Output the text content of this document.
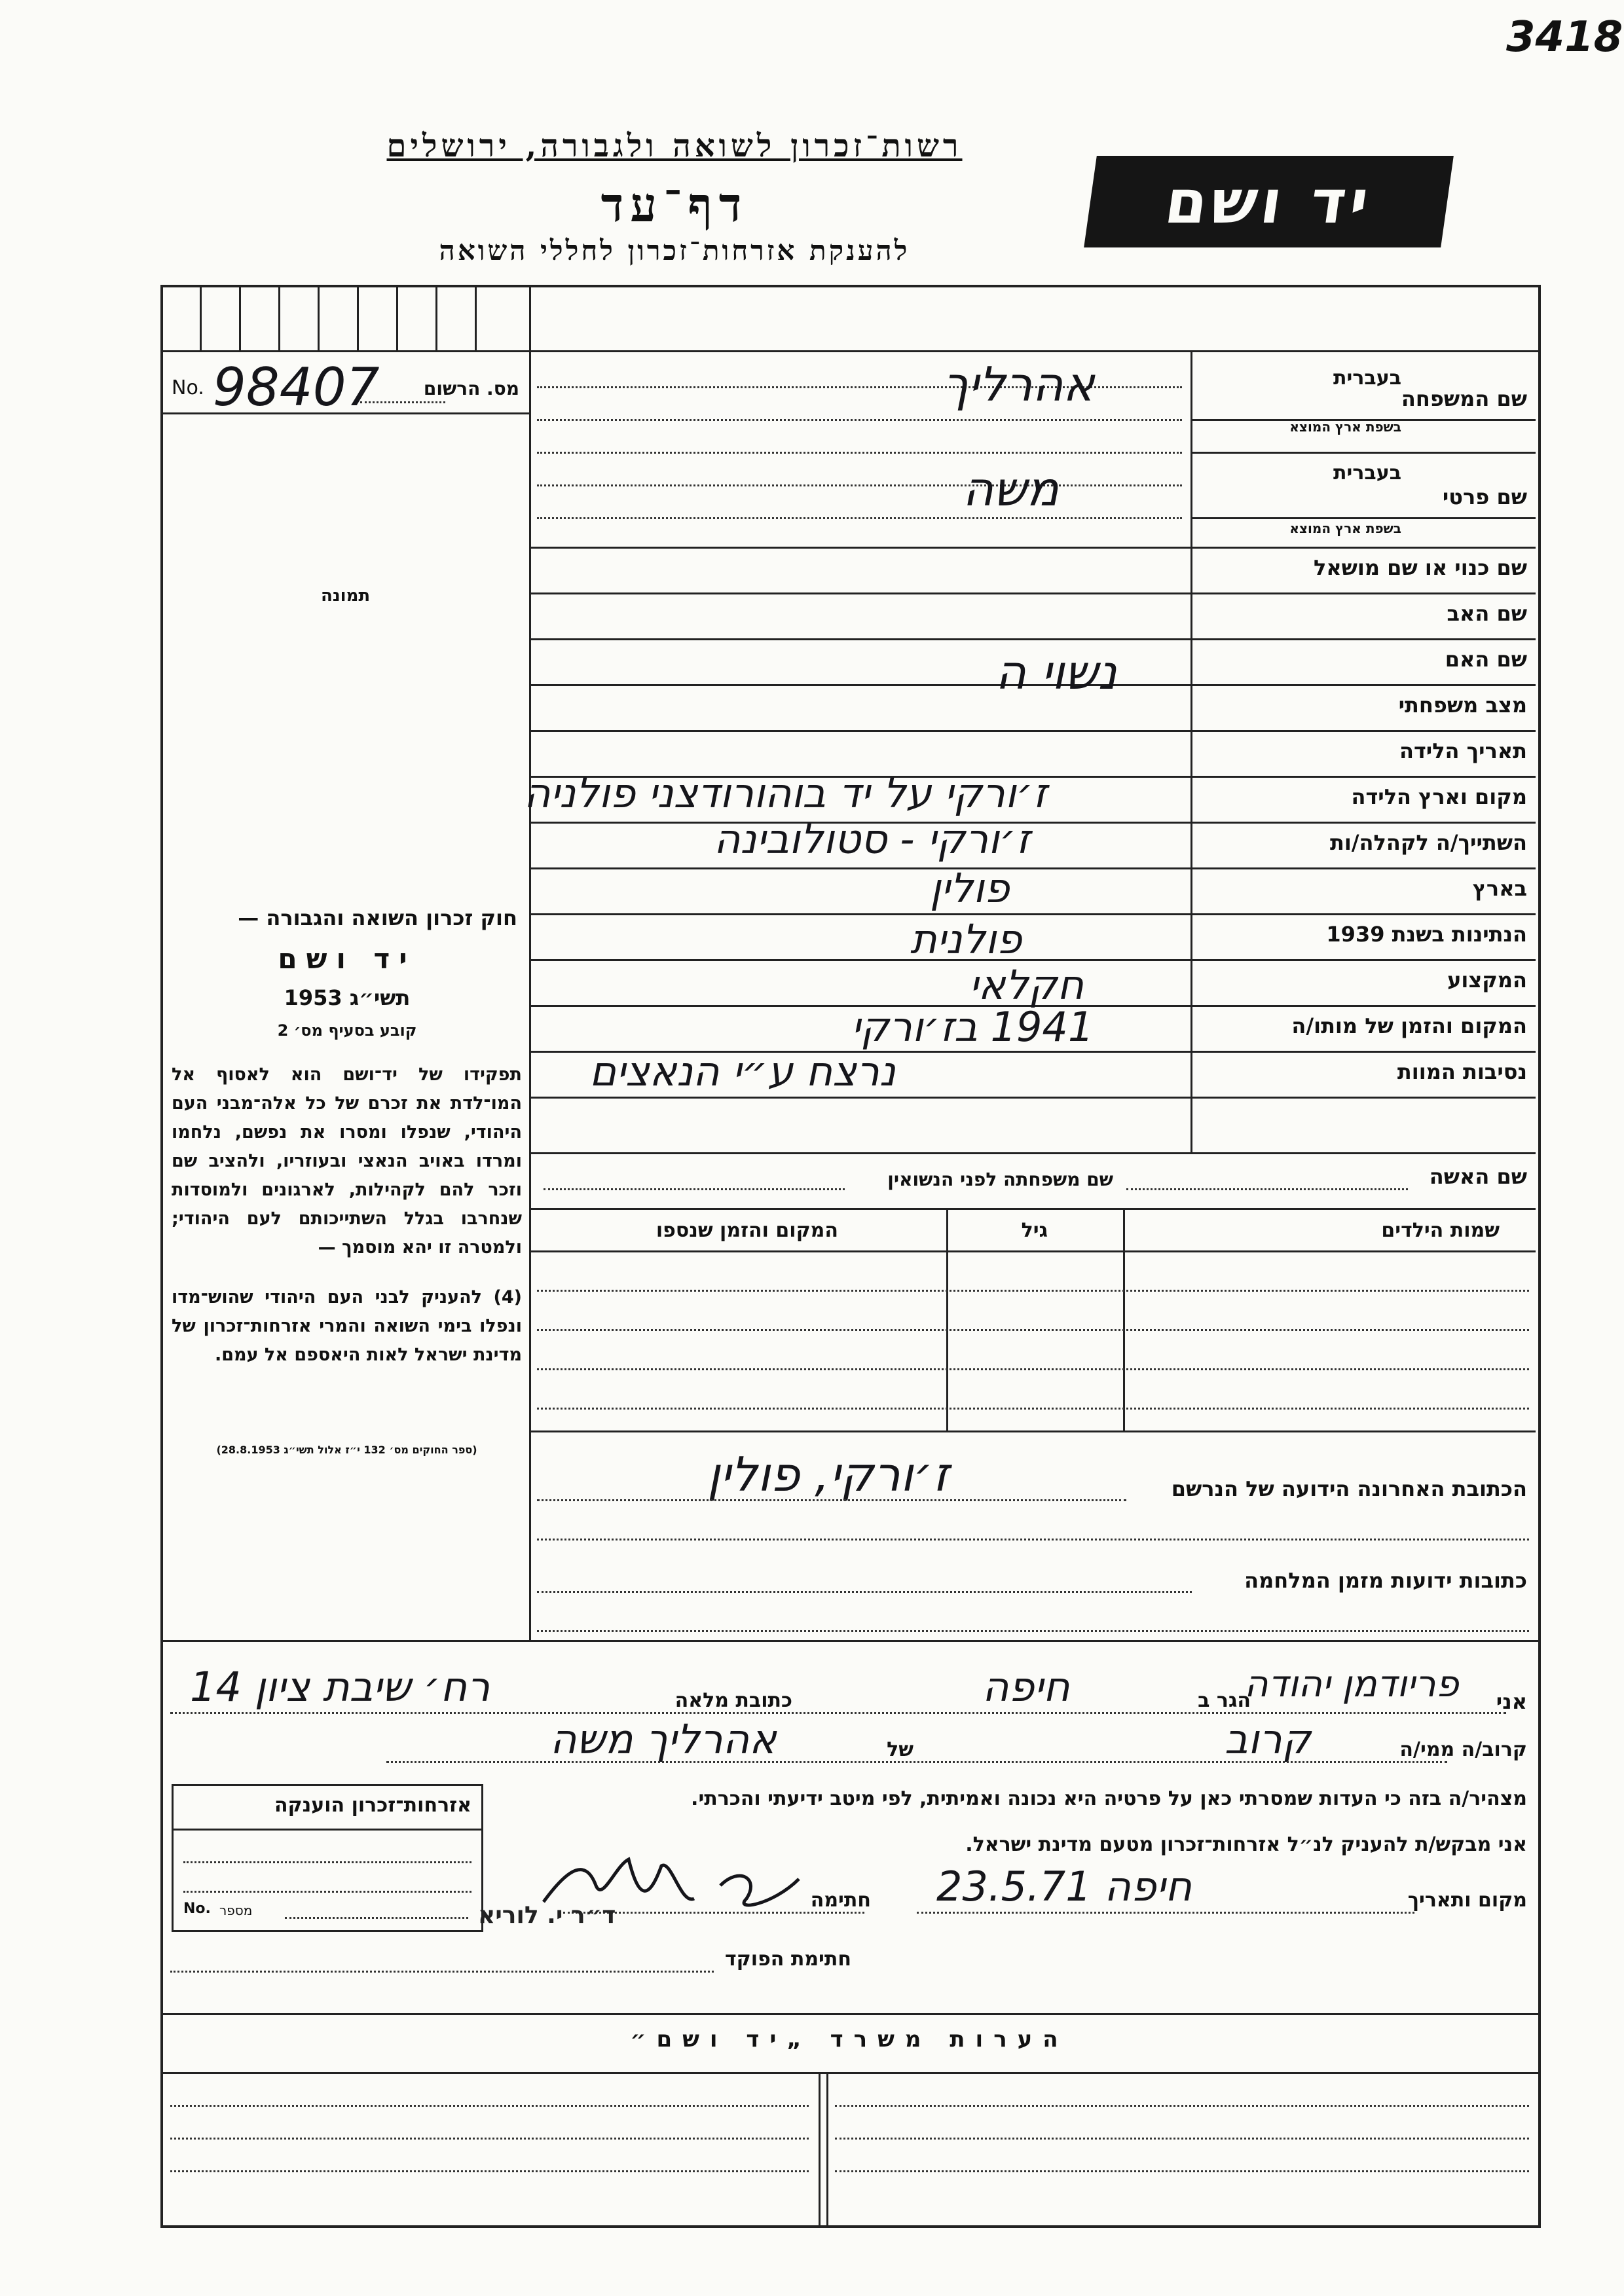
3418
רשות־זכרון לשואה ולגבורה, ירושלים
דף־עד
להענקת אזרחות־זכרון לחללי השואה
יד ושם
No. 98407 מס. הרשום
תמונה
חוק זכרון השואה והגבורה —
יד ושם
תשי״ג 1953
קובע בסעיף מס׳ 2
תפקידו של יד־ושם הוא לאסוף אל המו־לדת את זכרם של כל אלה־מבני העם היהודי, שנפלו ומסרו את נפשם, נלחמו ומרדו באויב הנאצי ובעוזריו, ולהציב שם וזכר להם לקהילות, לארגונים ולמוסדות שנחרבו בגלל השתייכותם לעם היהודי; ולמטרה זו יהא מוסמך —
(4) להעניק לבני העם היהודי שהוש־מדו ונפלו בימי השואה והמרי אזרחות־זכרון של מדינת ישראל לאות היאספם אל עמם.
(ספר החוקים מס׳ 132 י״ז אלול תשי״ג 28.8.1953)
בעברית
שם המשפחה
בשפת ארץ המוצא
אהרליך
בעברית
שם פרטי
בשפת ארץ המוצא
משה
שם כנוי או שם מושאל
שם האב
שם האם
מצב משפחתי
נשוי ה
תאריך הלידה
מקום וארץ הלידה
ז׳ורקי על יד בוהורודצני פולניה
השתייך/ה לקהלה/ות
ז׳ורקי - סטולובינה
בארץ
פולין
הנתינות בשנת 1939
פולנית
המקצוע
חקלאי
המקום והזמן של מותו/ה
1941 בז׳ורקי
נסיבות המוות
נרצח ע״י הנאצים
שם האשה
שם משפחתה לפני הנשואין
שמות הילדים
גיל
המקום והזמן שנספו
הכתובת האחרונה הידועה של הנרשם
ז׳ורקי, פולין
כתובות ידועות מזמן המלחמה
אני
פריודמן יהודה
הגר ב
חיפה
כתובת מלאה
רח׳ שיבת ציון 14
קרוב/ה ממי/ה
קרוב
של
אהרליך משה
מצהיר/ה בזה כי העדות שמסרתי כאן על פרטיה היא נכונה ואמיתית, לפי מיטב ידיעתי והכרתי.
אני מבקש/ת להעניק לנ״ל אזרחות־זכרון מטעם מדינת ישראל.
מקום ותאריך
חיפה 23.5.71
חתימה
ד״ר י. לוריא
חתימת הפוקד
אזרחות־זכרון הוענקה
No. מספר
הערות משרד „יד ושם״
